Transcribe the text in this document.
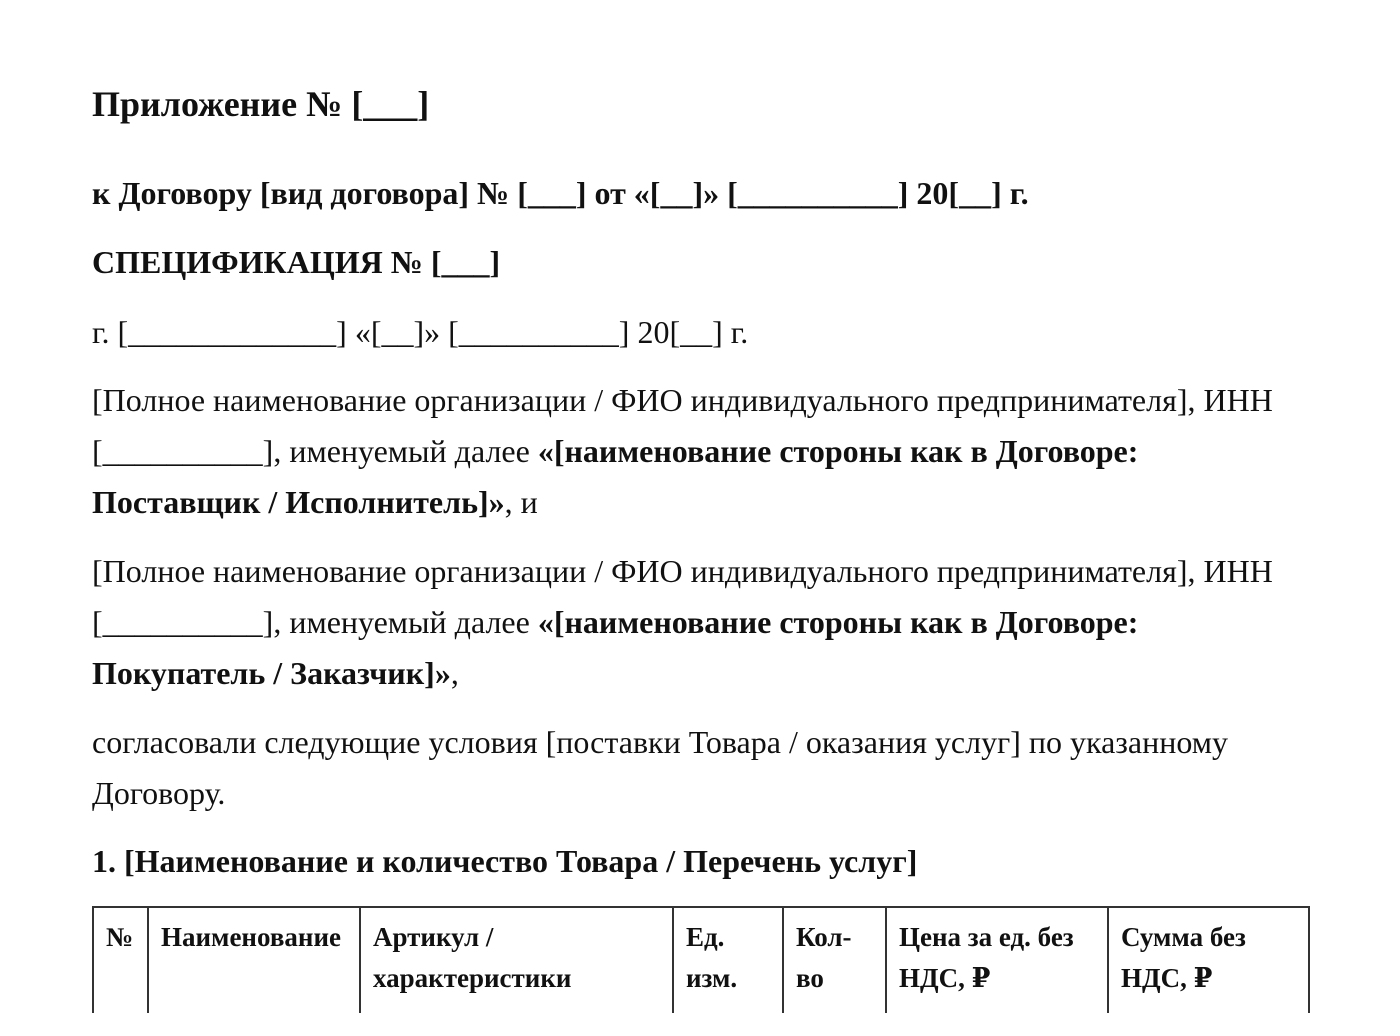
Приложение № [___]
к Договору [вид договора] № [___] от «[__]» [__________] 20[__] г.
СПЕЦИФИКАЦИЯ № [___]
г. [_____________] «[__]» [__________] 20[__] г.
[Полное наименование организации / ФИО индивидуального предпринимателя], ИНН [__________], именуемый далее «[наименование стороны как в Договоре: Поставщик / Исполнитель]», и
[Полное наименование организации / ФИО индивидуального предпринимателя], ИНН [__________], именуемый далее «[наименование стороны как в Договоре: Покупатель / Заказчик]»,
согласовали следующие условия [поставки Товара / оказания услуг] по указанному Договору.
1. [Наименование и количество Товара / Перечень услуг]
№	Наименование	Артикул / характеристики	Ед. изм.	Кол-во	Цена за ед. без НДС, ₽	Сумма без НДС, ₽
